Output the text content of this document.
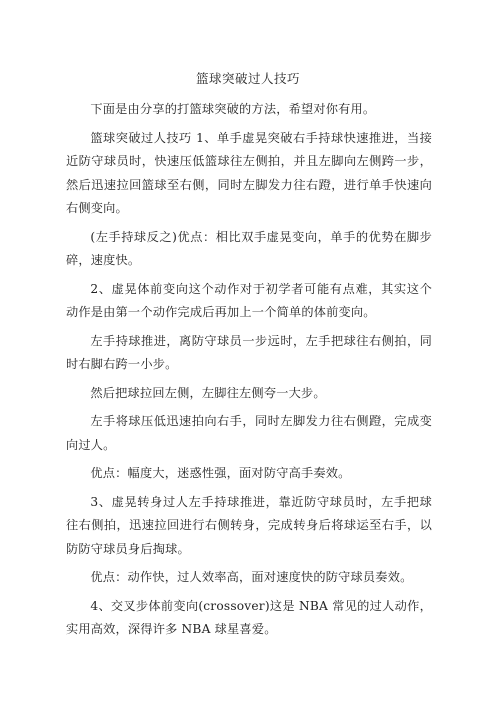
篮球突破过人技巧

下面是由分享的打篮球突破的方法，希望对你有用。

篮球突破过人技巧 1、单手虚晃突破右手持球快速推进，当接近防守球员时，快速压低篮球往左侧拍，并且左脚向左侧跨一步，然后迅速拉回篮球至右侧，同时左脚发力往右蹬，进行单手快速向右侧变向。

(左手持球反之)优点：相比双手虚晃变向，单手的优势在脚步碎，速度快。

2、虚晃体前变向这个动作对于初学者可能有点难，其实这个动作是由第一个动作完成后再加上一个简单的体前变向。

左手持球推进，离防守球员一步远时，左手把球往右侧拍，同时右脚右跨一小步。

然后把球拉回左侧，左脚往左侧夸一大步。

左手将球压低迅速拍向右手，同时左脚发力往右侧蹬，完成变向过人。

优点：幅度大，迷惑性强，面对防守高手奏效。

3、虚晃转身过人左手持球推进，靠近防守球员时，左手把球往右侧拍，迅速拉回进行右侧转身，完成转身后将球运至右手，以防防守球员身后掏球。

优点：动作快，过人效率高，面对速度快的防守球员奏效。

4、交叉步体前变向(crossover)这是 NBA 常见的过人动作，实用高效，深得许多 NBA 球星喜爱。
